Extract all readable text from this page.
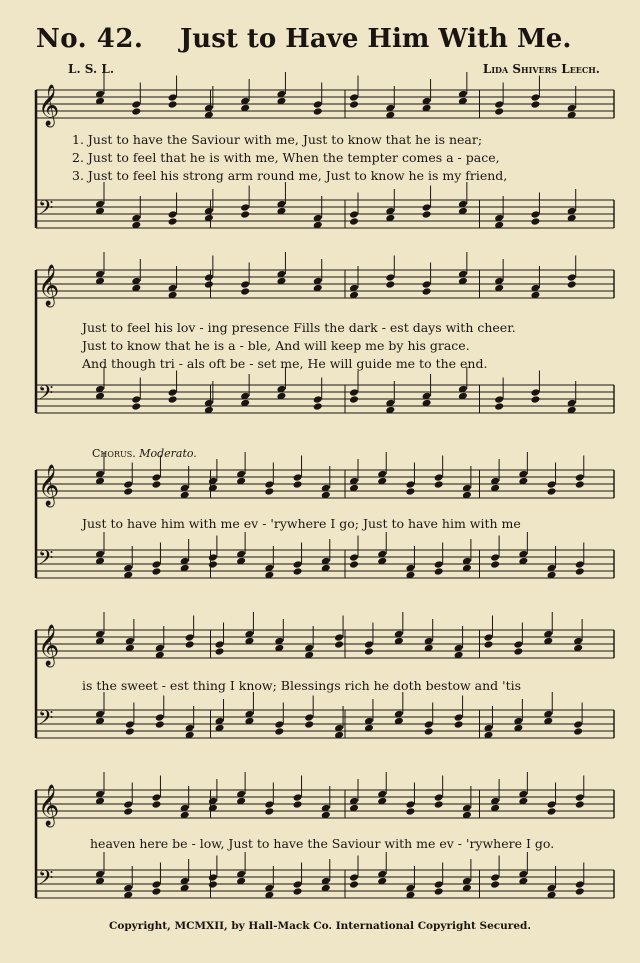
No. 42. Just to Have Him With Me.
L. S. L.	Lida Shivers Leech.
𝄞
𝄢
𝄞
𝄢
𝄞
𝄢
𝄞
𝄢
𝄞
𝄢
1. Just to have the Saviour with me, Just to know that he is near;
2. Just to feel that he is with me, When the tempter comes a - pace,
3. Just to feel his strong arm round me, Just to know he is my friend,
Just to feel his lov - ing presence Fills the dark - est days with cheer.
Just to know that he is a - ble, And will keep me by his grace.
And though tri - als oft be - set me, He will guide me to the end.
Chorus. Moderato.
Just to have him with me ev - 'rywhere I go; Just to have him with me
is the sweet - est thing I know; Blessings rich he doth bestow and 'tis
heaven here be - low, Just to have the Saviour with me ev - 'rywhere I go.
Copyright, MCMXII, by Hall-Mack Co. International Copyright Secured.
